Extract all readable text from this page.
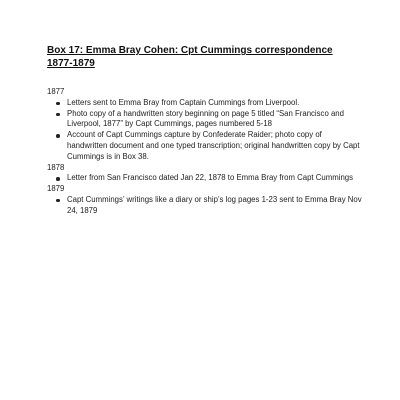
Box 17: Emma Bray Cohen: Cpt Cummings correspondence
1877-1879

1877

Letters sent to Emma Bray from Captain Cummings from Liverpool.
Photo copy of a handwritten story beginning on page 5 titled “San Francisco and Liverpool, 1877” by Capt Cummings, pages numbered 5-18
Account of Capt Cummings capture by Confederate Raider; photo copy of handwritten document and one typed transcription; original handwritten copy by Capt Cummings is in Box 38.

1878

Letter from San Francisco dated Jan 22, 1878 to Emma Bray from Capt Cummings

1879

Capt Cummings’ writings like a diary or ship’s log pages 1-23 sent to Emma Bray Nov 24, 1879
